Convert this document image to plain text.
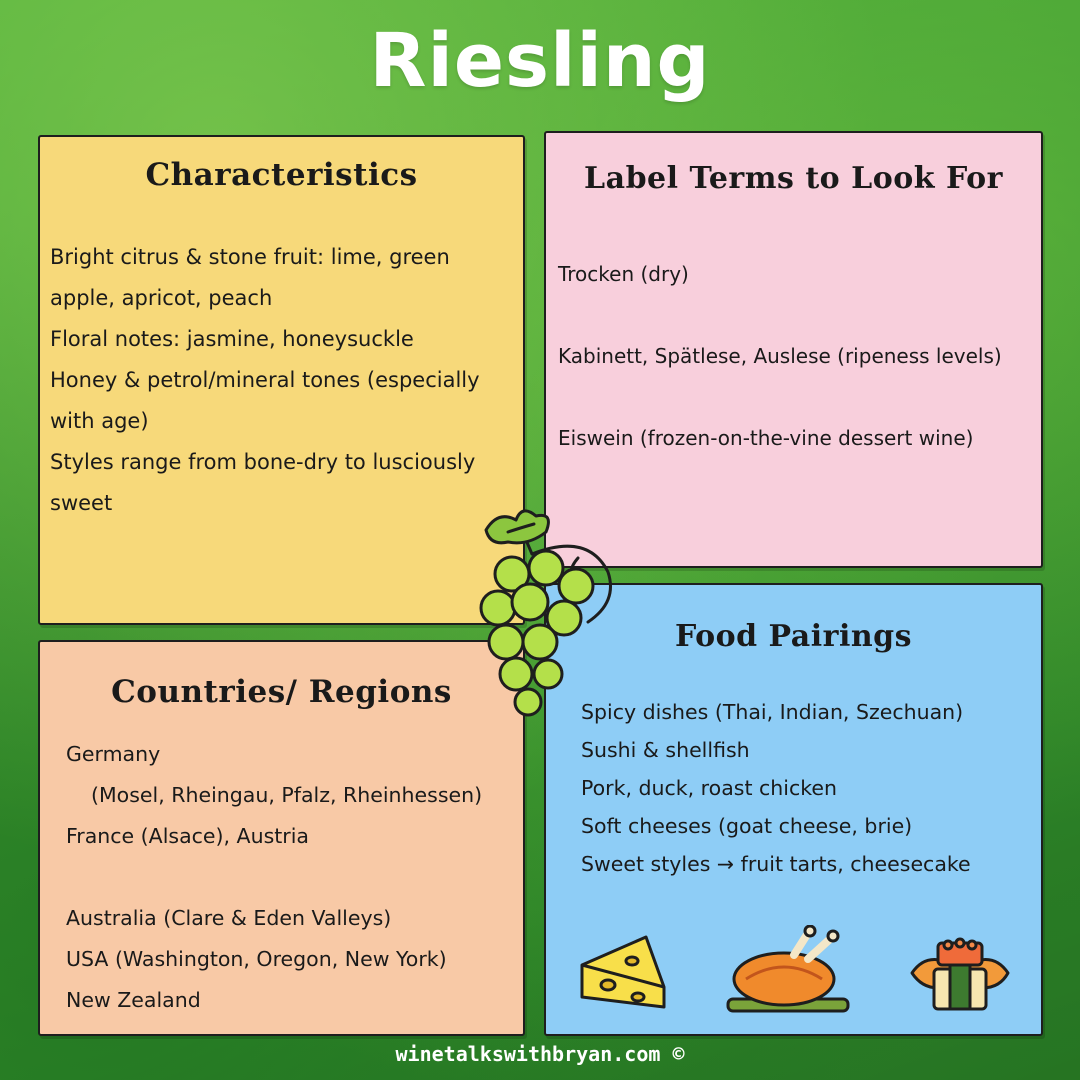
Riesling
Characteristics
Bright citrus & stone fruit: lime, green
apple, apricot, peach
Floral notes: jasmine, honeysuckle
Honey & petrol/mineral tones (especially
with age)
Styles range from bone-dry to lusciously
sweet
Label Terms to Look For
Trocken (dry)
Kabinett, Spätlese, Auslese (ripeness levels)
Eiswein (frozen-on-the-vine dessert wine)
Countries/ Regions
Germany
(Mosel, Rheingau, Pfalz, Rheinhessen)
France (Alsace), Austria
Australia (Clare & Eden Valleys)
USA (Washington, Oregon, New York)
New Zealand
Food Pairings
Spicy dishes (Thai, Indian, Szechuan)
Sushi & shellfish
Pork, duck, roast chicken
Soft cheeses (goat cheese, brie)
Sweet styles → fruit tarts, cheesecake
winetalkswithbryan.com ©
